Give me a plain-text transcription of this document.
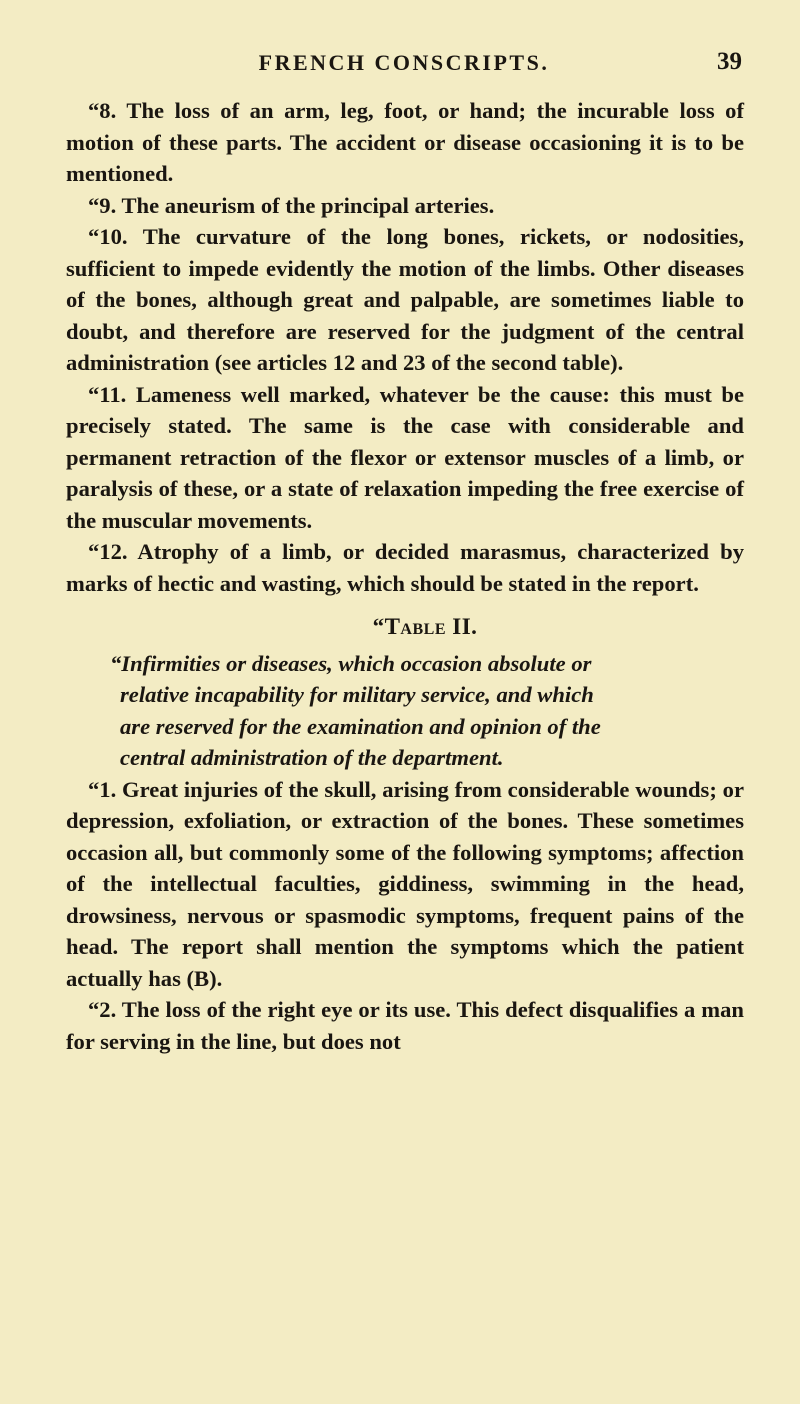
FRENCH CONSCRIPTS.	39

“8. The loss of an arm, leg, foot, or hand; the incurable loss of motion of these parts. The accident or disease occasioning it is to be mentioned.

“9. The aneurism of the principal arteries.

“10. The curvature of the long bones, rickets, or nodosities, sufficient to impede evidently the motion of the limbs. Other diseases of the bones, although great and palpable, are sometimes liable to doubt, and therefore are reserved for the judgment of the central administration (see articles 12 and 23 of the second table).

“11. Lameness well marked, whatever be the cause: this must be precisely stated. The same is the case with considerable and permanent retraction of the flexor or extensor muscles of a limb, or paralysis of these, or a state of relaxation impeding the free exercise of the muscular movements.

“12. Atrophy of a limb, or decided marasmus, characterized by marks of hectic and wasting, which should be stated in the report.

“Table II.

“Infirmities or diseases, which occasion absolute or
relative incapability for military service, and which
are reserved for the examination and opinion of the
central administration of the department.

“1. Great injuries of the skull, arising from considerable wounds; or depression, exfoliation, or extraction of the bones. These sometimes occasion all, but commonly some of the following symptoms; affection of the intellectual faculties, giddiness, swimming in the head, drowsiness, nervous or spasmodic symptoms, frequent pains of the head. The report shall mention the symptoms which the patient actually has (B).

“2. The loss of the right eye or its use. This defect disqualifies a man for serving in the line, but does not
